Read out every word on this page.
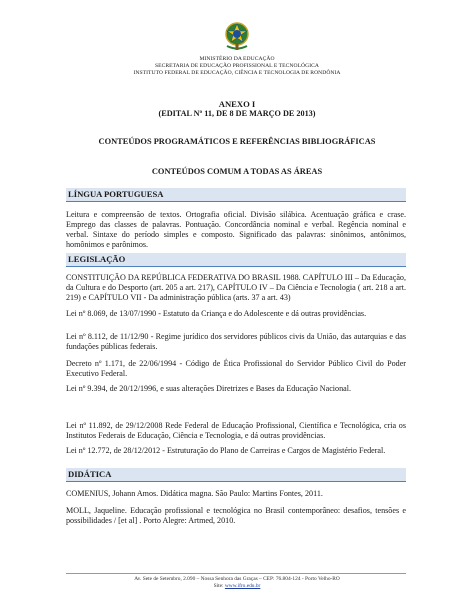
MINISTÉRIO DA EDUCAÇÃO
SECRETARIA DE EDUCAÇÃO PROFISSIONAL E TECNOLÓGICA
INSTITUTO FEDERAL DE EDUCAÇÃO, CIÊNCIA E TECNOLOGIA DE RONDÔNIA
ANEXO I
(EDITAL Nº 11, DE 8 DE MARÇO DE 2013)
CONTEÚDOS PROGRAMÁTICOS E REFERÊNCIAS BIBLIOGRÁFICAS
CONTEÚDOS COMUM A TODAS AS ÁREAS
LÍNGUA PORTUGUESA

Leitura e compreensão de textos. Ortografia oficial. Divisão silábica. Acentuação gráfica e crase. Emprego das classes de palavras. Pontuação. Concordância nominal e verbal. Regência nominal e verbal. Sintaxe do período simples e composto. Significado das palavras: sinônimos, antônimos, homônimos e parônimos.

LEGISLAÇÃO

CONSTITUIÇÃO DA REPÚBLICA FEDERATIVA DO BRASIL 1988. CAPÍTULO III – Da Educação, da Cultura e do Desporto (art. 205 a art. 217), CAPÍTULO IV – Da Ciência e Tecnologia ( art. 218 a art. 219) e CAPÍTULO VII - Da administração pública (arts. 37 a art. 43)

Lei nº 8.069, de 13/07/1990 - Estatuto da Criança e do Adolescente e dá outras providências.

Lei nº 8.112, de 11/12/90 - Regime jurídico dos servidores públicos civis da União, das autarquias e das fundações públicas federais.

Decreto nº 1.171, de 22/06/1994 - Código de Ética Profissional do Servidor Público Civil do Poder Executivo Federal.

Lei nº 9.394, de 20/12/1996, e suas alterações Diretrizes e Bases da Educação Nacional.

Lei nº 11.892, de 29/12/2008 Rede Federal de Educação Profissional, Científica e Tecnológica, cria os Institutos Federais de Educação, Ciência e Tecnologia, e dá outras providências.

Lei nº 12.772, de 28/12/2012 - Estruturação do Plano de Carreiras e Cargos de Magistério Federal.

DIDÁTICA

COMENIUS, Johann Amos. Didática magna. São Paulo: Martins Fontes, 2011.

MOLL, Jaqueline. Educação profissional e tecnológica no Brasil contemporâneo: desafios, tensões e possibilidades / [et al] . Porto Alegre: Artmed, 2010.

Av. Sete de Setembro, 2.090 – Nossa Senhora das Graças – CEP: 76.804-124 - Porto Velho-RO
Site: www.ifro.edu.br
